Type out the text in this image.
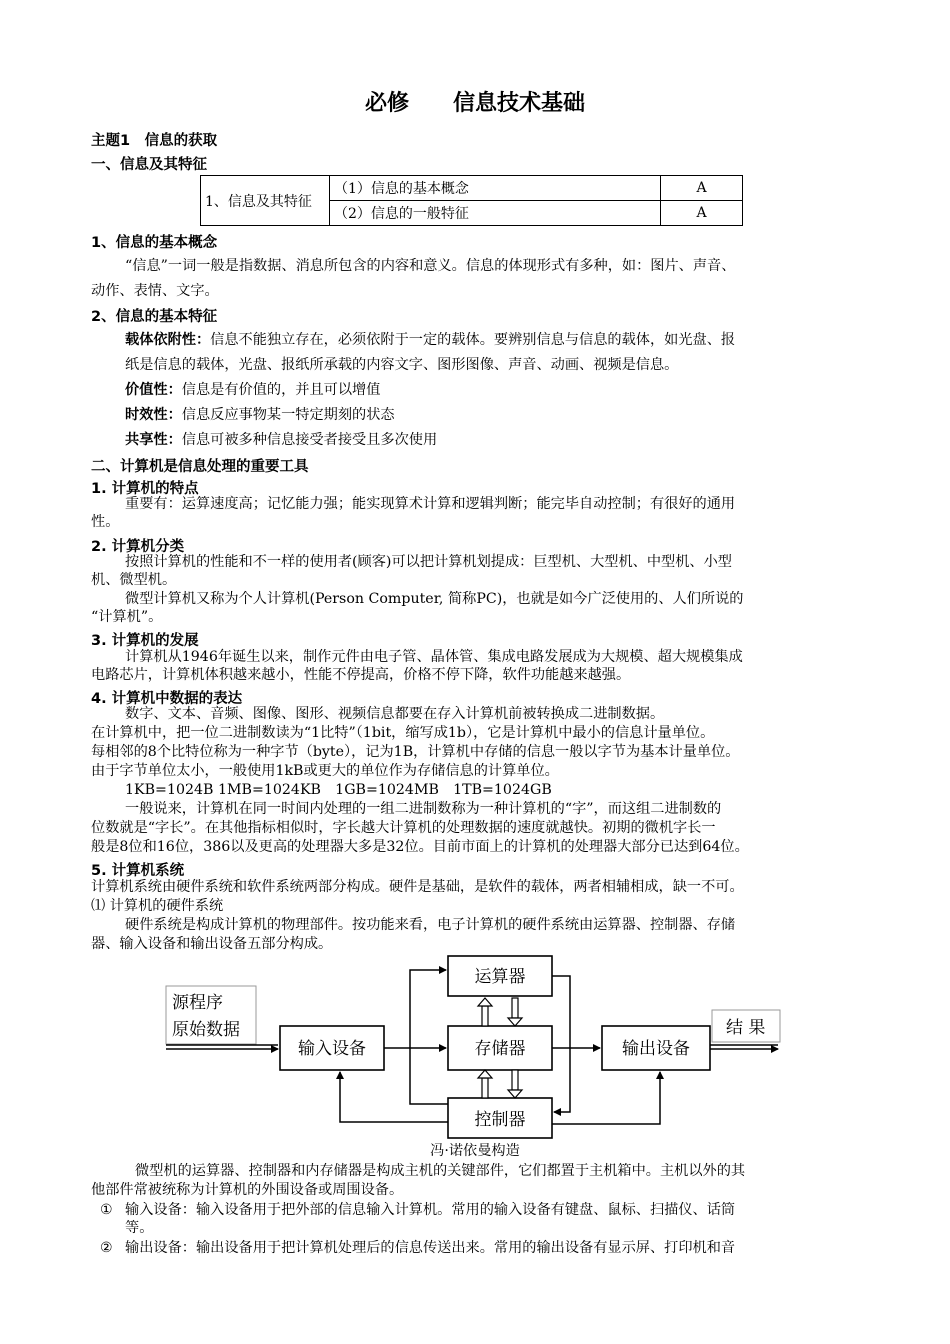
必修　　信息技术基础
主题1　信息的获取
一、信息及其特征
1、信息及其特征	（1）信息的基本概念	A
	（2）信息的一般特征	A
1、信息的基本概念
“信息”一词一般是指数据、消息所包含的内容和意义。信息的体现形式有多种，如：图片、声音、
动作、表情、文字。
2、信息的基本特征
载体依附性：信息不能独立存在，必须依附于一定的载体。要辨别信息与信息的载体，如光盘、报
纸是信息的载体，光盘、报纸所承载的内容文字、图形图像、声音、动画、视频是信息。
价值性：信息是有价值的，并且可以增值
时效性：信息反应事物某一特定期刻的状态
共享性：信息可被多种信息接受者接受且多次使用
二、计算机是信息处理的重要工具
1. 计算机的特点
重要有：运算速度高；记忆能力强；能实现算术计算和逻辑判断；能完毕自动控制；有很好的通用
性。
2. 计算机分类
按照计算机的性能和不一样的使用者(顾客)可以把计算机划提成：巨型机、大型机、中型机、小型
机、微型机。
微型计算机又称为个人计算机(Person Computer, 简称PC)，也就是如今广泛使用的、人们所说的
“计算机”。
3. 计算机的发展
计算机从1946年诞生以来，制作元件由电子管、晶体管、集成电路发展成为大规模、超大规模集成
电路芯片，计算机体积越来越小，性能不停提高，价格不停下降，软件功能越来越强。
4. 计算机中数据的表达
数字、文本、音频、图像、图形、视频信息都要在存入计算机前被转换成二进制数据。
在计算机中，把一位二进制数读为“1比特”（1bit，缩写成1b），它是计算机中最小的信息计量单位。
每相邻的8个比特位称为一种字节（byte），记为1B，计算机中存储的信息一般以字节为基本计量单位。
由于字节单位太小，一般使用1kB或更大的单位作为存储信息的计算单位。
1KB=1024B 1MB=1024KB　1GB=1024MB　1TB=1024GB
一般说来，计算机在同一时间内处理的一组二进制数称为一种计算机的“字”，而这组二进制数的
位数就是“字长”。在其他指标相似时，字长越大计算机的处理数据的速度就越快。初期的微机字长一
般是8位和16位，386以及更高的处理器大多是32位。目前市面上的计算机的处理器大部分已达到64位。
5. 计算机系统
计算机系统由硬件系统和软件系统两部分构成。硬件是基础，是软件的载体，两者相辅相成，缺一不可。
⑴ 计算机的硬件系统
硬件系统是构成计算机的物理部件。按功能来看，电子计算机的硬件系统由运算器、控制器、存储
器、输入设备和输出设备五部分构成。
源程序
原始数据
输入设备
运算器
存储器
控制器
输出设备
结 果
冯·诺依曼构造
微型机的运算器、控制器和内存储器是构成主机的关键部件，它们都置于主机箱中。主机以外的其
他部件常被统称为计算机的外围设备或周围设备。
① 输入设备：输入设备用于把外部的信息输入计算机。常用的输入设备有键盘、鼠标、扫描仪、话筒
等。
② 输出设备：输出设备用于把计算机处理后的信息传送出来。常用的输出设备有显示屏、打印机和音
